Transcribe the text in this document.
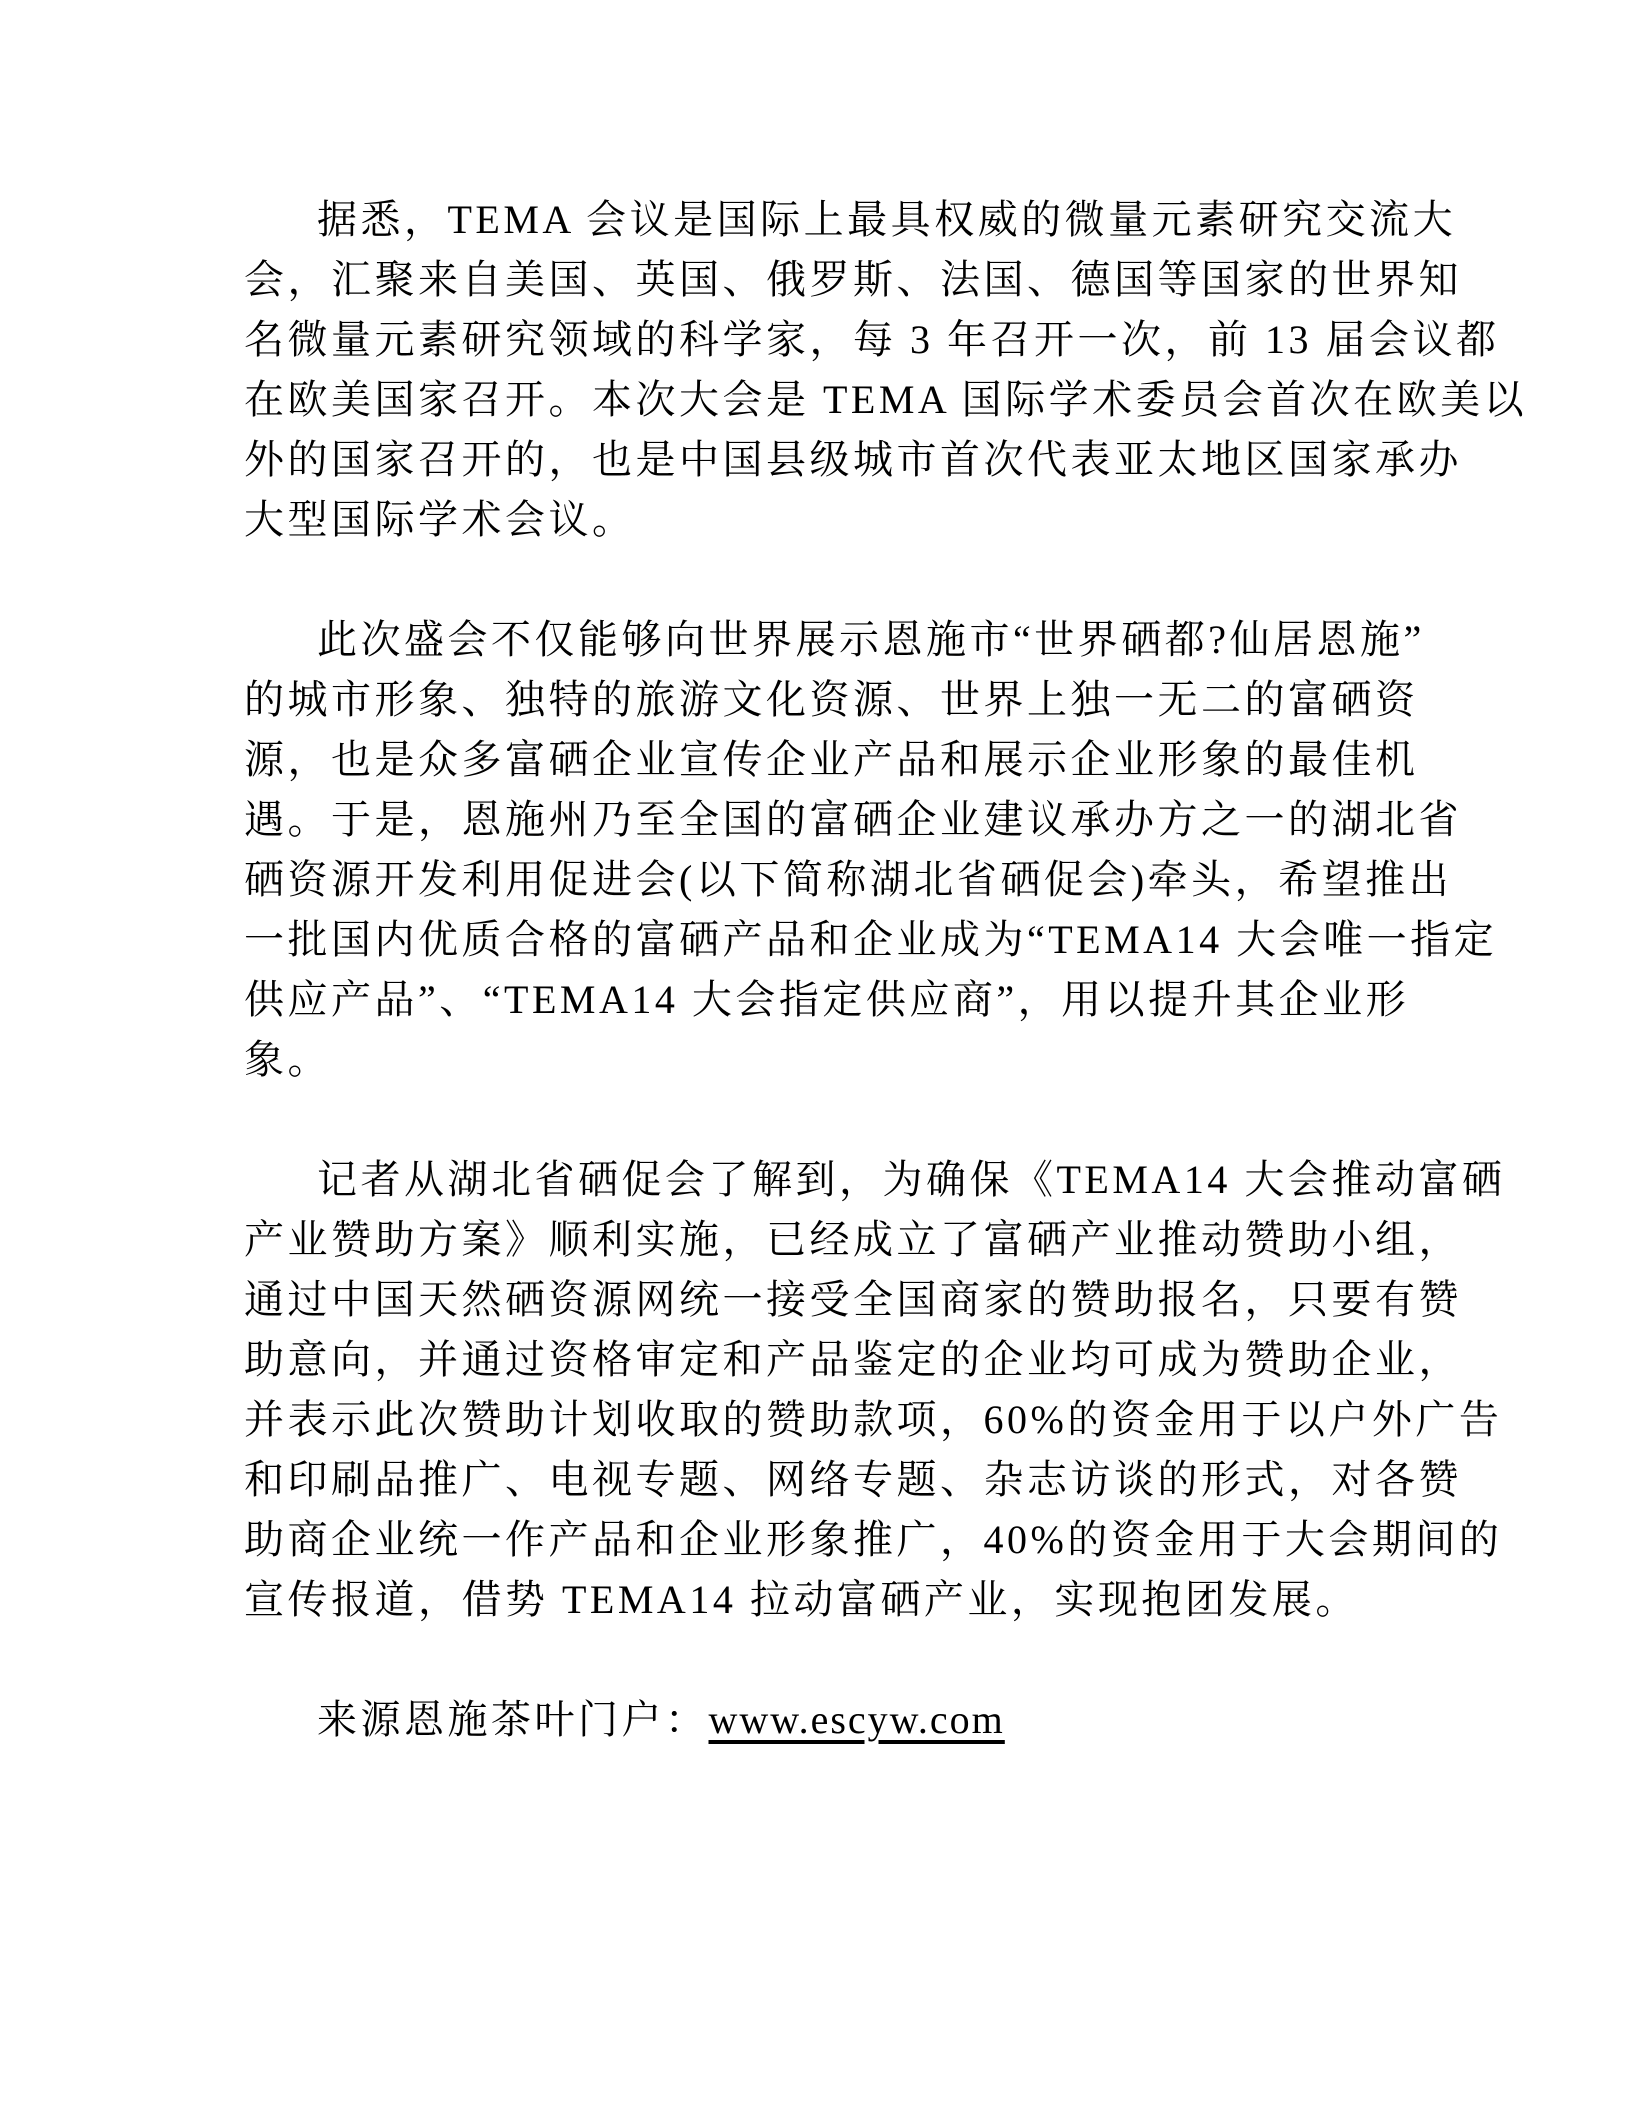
据悉，TEMA 会议是国际上最具权威的微量元素研究交流大
会，汇聚来自美国、英国、俄罗斯、法国、德国等国家的世界知
名微量元素研究领域的科学家，每 3 年召开一次，前 13 届会议都
在欧美国家召开。本次大会是 TEMA 国际学术委员会首次在欧美以
外的国家召开的，也是中国县级城市首次代表亚太地区国家承办
大型国际学术会议。
此次盛会不仅能够向世界展示恩施市“世界硒都?仙居恩施”
的城市形象、独特的旅游文化资源、世界上独一无二的富硒资
源，也是众多富硒企业宣传企业产品和展示企业形象的最佳机
遇。于是，恩施州乃至全国的富硒企业建议承办方之一的湖北省
硒资源开发利用促进会(以下简称湖北省硒促会)牵头，希望推出
一批国内优质合格的富硒产品和企业成为“TEMA14 大会唯一指定
供应产品”、“TEMA14 大会指定供应商”，用以提升其企业形
象。
记者从湖北省硒促会了解到，为确保《TEMA14 大会推动富硒
产业赞助方案》顺利实施，已经成立了富硒产业推动赞助小组，
通过中国天然硒资源网统一接受全国商家的赞助报名，只要有赞
助意向，并通过资格审定和产品鉴定的企业均可成为赞助企业，
并表示此次赞助计划收取的赞助款项，60%的资金用于以户外广告
和印刷品推广、电视专题、网络专题、杂志访谈的形式，对各赞
助商企业统一作产品和企业形象推广，40%的资金用于大会期间的
宣传报道，借势 TEMA14 拉动富硒产业，实现抱团发展。
来源恩施茶叶门户：www.escyw.com
